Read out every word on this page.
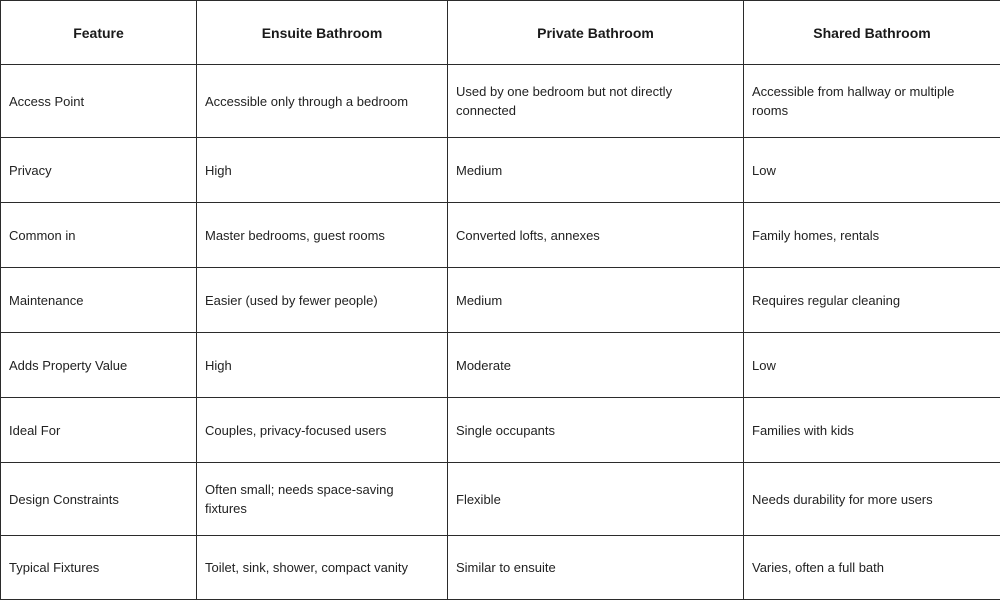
Feature	Ensuite Bathroom	Private Bathroom	Shared Bathroom
Access Point	Accessible only through a bedroom	Used by one bedroom but not directly connected	Accessible from hallway or multiple rooms
Privacy	High	Medium	Low
Common in	Master bedrooms, guest rooms	Converted lofts, annexes	Family homes, rentals
Maintenance	Easier (used by fewer people)	Medium	Requires regular cleaning
Adds Property Value	High	Moderate	Low
Ideal For	Couples, privacy-focused users	Single occupants	Families with kids
Design Constraints	Often small; needs space-saving fixtures	Flexible	Needs durability for more users
Typical Fixtures	Toilet, sink, shower, compact vanity	Similar to ensuite	Varies, often a full bath
